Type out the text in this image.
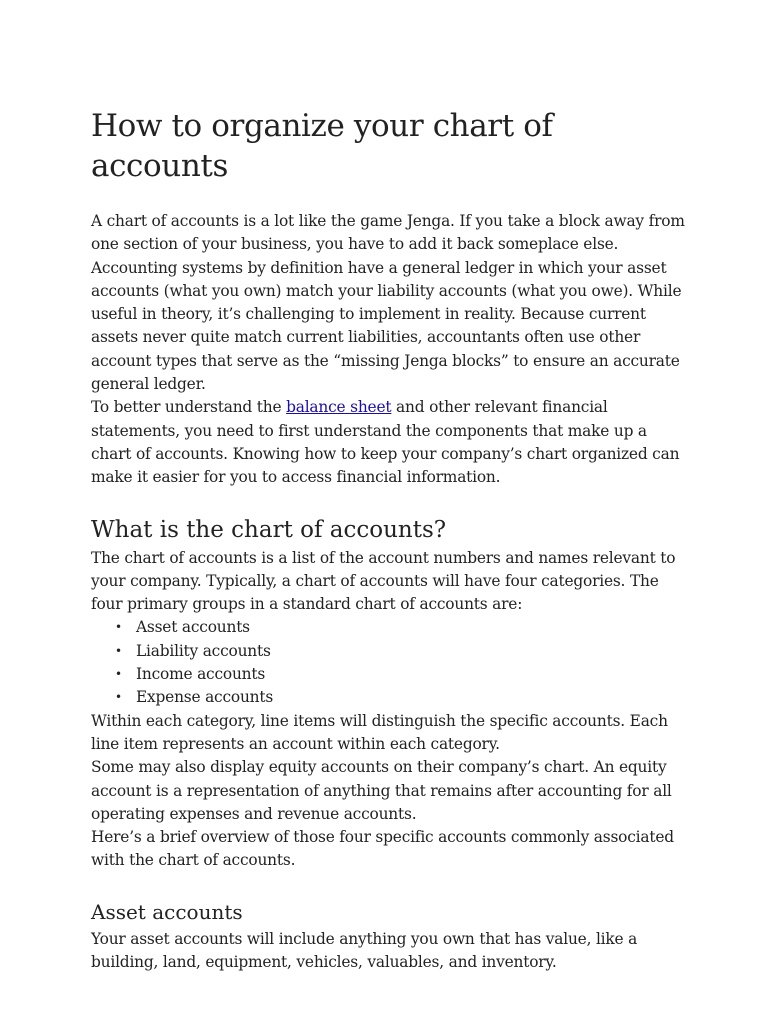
How to organize your chart of accounts

A chart of accounts is a lot like the game Jenga. If you take a block away from one section of your business, you have to add it back someplace else. Accounting systems by definition have a general ledger in which your asset accounts (what you own) match your liability accounts (what you owe). While useful in theory, it’s challenging to implement in reality. Because current assets never quite match current liabilities, accountants often use other account types that serve as the “missing Jenga blocks” to ensure an accurate general ledger.

To better understand the balance sheet and other relevant financial statements, you need to first understand the components that make up a chart of accounts. Knowing how to keep your company’s chart organized can make it easier for you to access financial information.

What is the chart of accounts?

The chart of accounts is a list of the account numbers and names relevant to your company. Typically, a chart of accounts will have four categories. The four primary groups in a standard chart of accounts are:

• Asset accounts
• Liability accounts
• Income accounts
• Expense accounts

Within each category, line items will distinguish the specific accounts. Each line item represents an account within each category.

Some may also display equity accounts on their company’s chart. An equity account is a representation of anything that remains after accounting for all operating expenses and revenue accounts.

Here’s a brief overview of those four specific accounts commonly associated with the chart of accounts.

Asset accounts

Your asset accounts will include anything you own that has value, like a building, land, equipment, vehicles, valuables, and inventory.
